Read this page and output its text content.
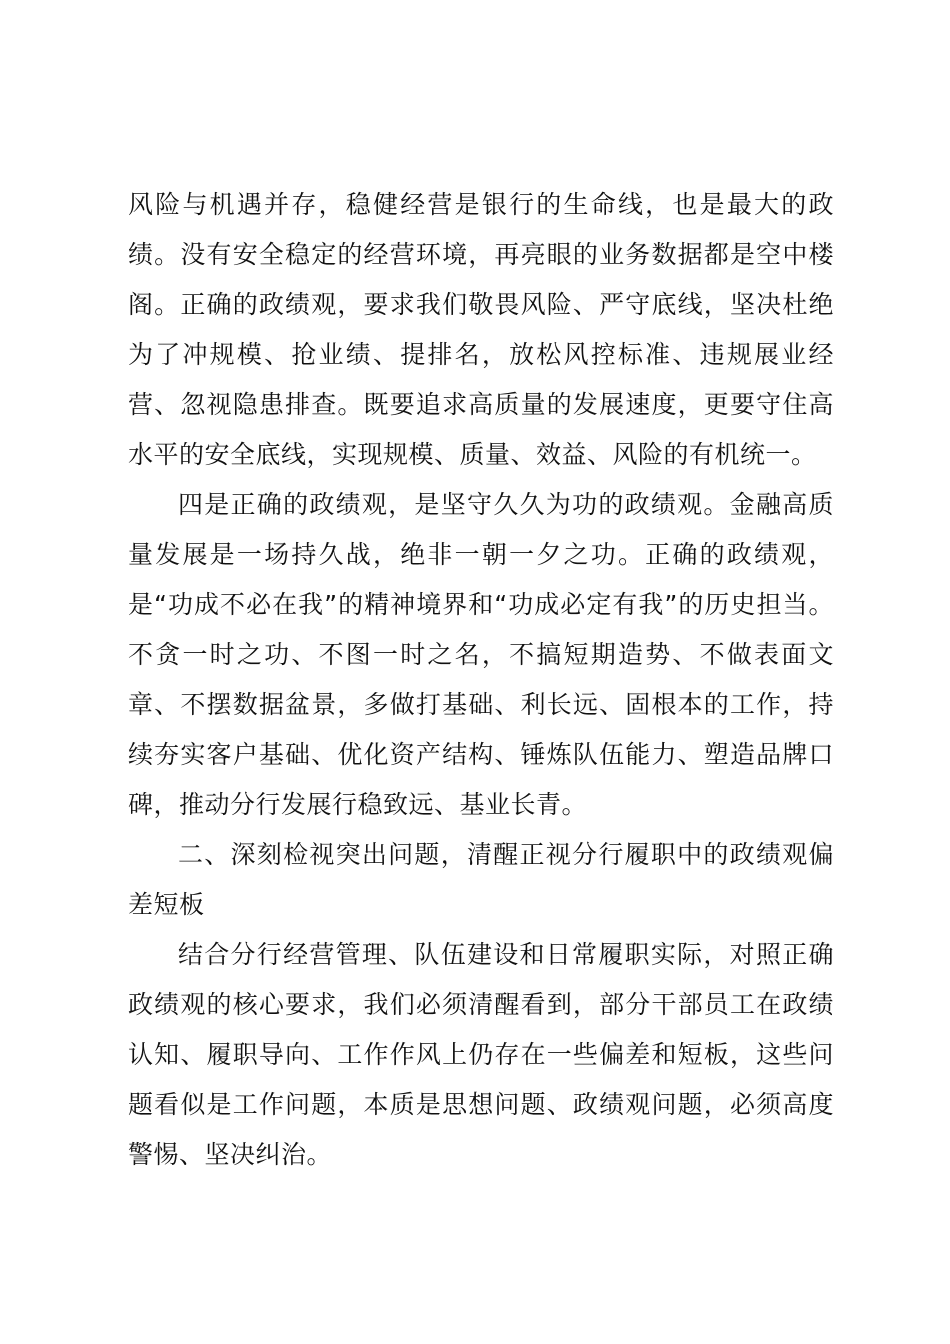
风险与机遇并存，稳健经营是银行的生命线，也是最大的政绩。没有安全稳定的经营环境，再亮眼的业务数据都是空中楼阁。正确的政绩观，要求我们敬畏风险、严守底线，坚决杜绝为了冲规模、抢业绩、提排名，放松风控标准、违规展业经营、忽视隐患排查。既要追求高质量的发展速度，更要守住高水平的安全底线，实现规模、质量、效益、风险的有机统一。

四是正确的政绩观，是坚守久久为功的政绩观。金融高质量发展是一场持久战，绝非一朝一夕之功。正确的政绩观，是“功成不必在我”的精神境界和“功成必定有我”的历史担当。不贪一时之功、不图一时之名，不搞短期造势、不做表面文章、不摆数据盆景，多做打基础、利长远、固根本的工作，持续夯实客户基础、优化资产结构、锤炼队伍能力、塑造品牌口碑，推动分行发展行稳致远、基业长青。

二、深刻检视突出问题，清醒正视分行履职中的政绩观偏差短板

结合分行经营管理、队伍建设和日常履职实际，对照正确政绩观的核心要求，我们必须清醒看到，部分干部员工在政绩认知、履职导向、工作作风上仍存在一些偏差和短板，这些问题看似是工作问题，本质是思想问题、政绩观问题，必须高度警惕、坚决纠治。
